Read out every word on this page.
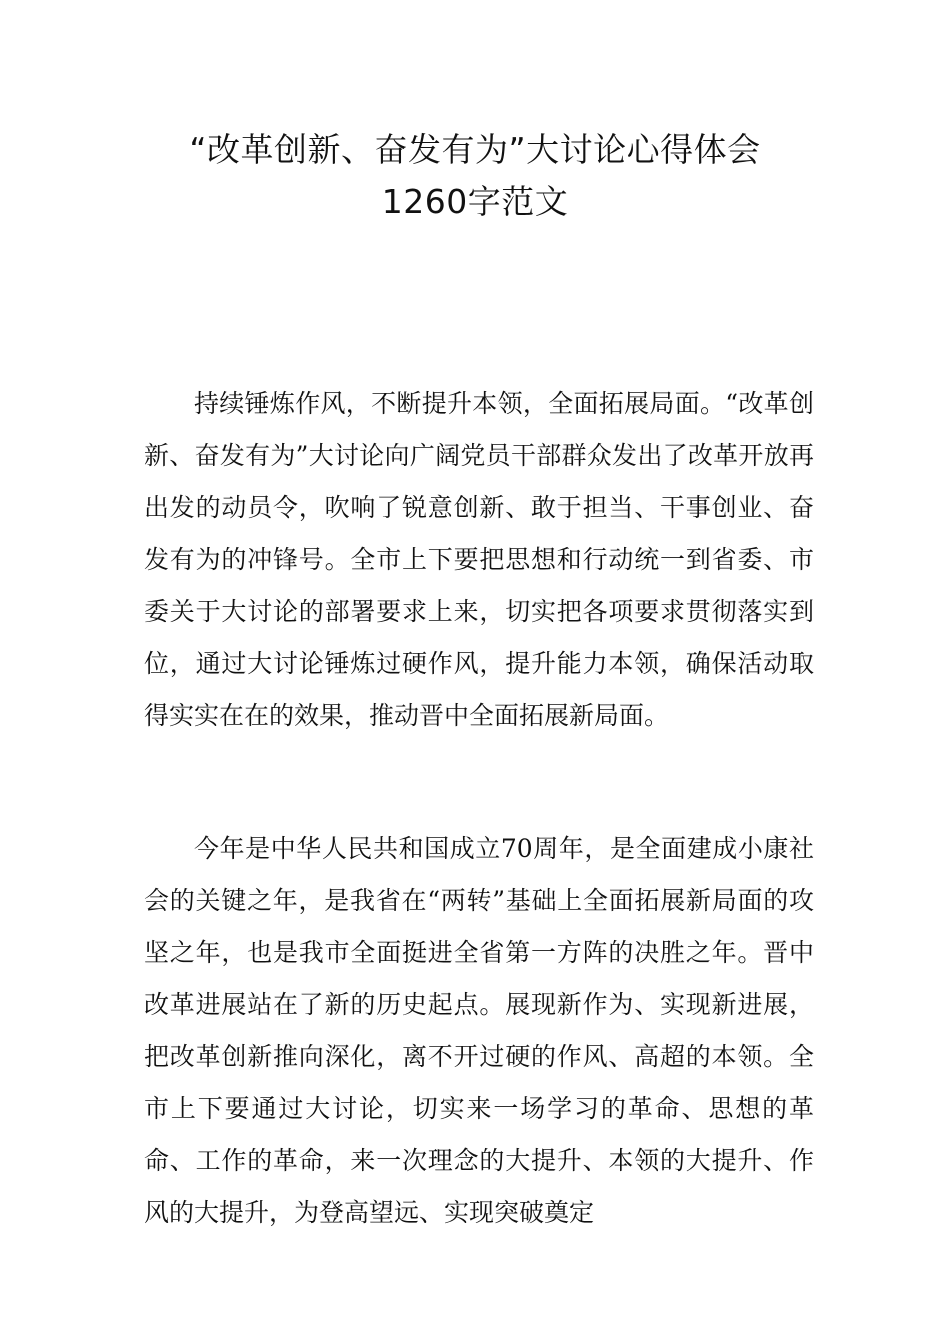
“改革创新、奋发有为”大讨论心得体会
1260字范文

持续锤炼作风，不断提升本领，全面拓展局面。“改革创新、奋发有为”大讨论向广阔党员干部群众发出了改革开放再出发的动员令，吹响了锐意创新、敢于担当、干事创业、奋发有为的冲锋号。全市上下要把思想和行动统一到省委、市委关于大讨论的部署要求上来，切实把各项要求贯彻落实到位，通过大讨论锤炼过硬作风，提升能力本领，确保活动取得实实在在的效果，推动晋中全面拓展新局面。

今年是中华人民共和国成立70周年，是全面建成小康社会的关键之年，是我省在“两转”基础上全面拓展新局面的攻坚之年，也是我市全面挺进全省第一方阵的决胜之年。晋中改革进展站在了新的历史起点。展现新作为、实现新进展，把改革创新推向深化，离不开过硬的作风、高超的本领。全市上下要通过大讨论，切实来一场学习的革命、思想的革命、工作的革命，来一次理念的大提升、本领的大提升、作风的大提升，为登高望远、实现突破奠定
